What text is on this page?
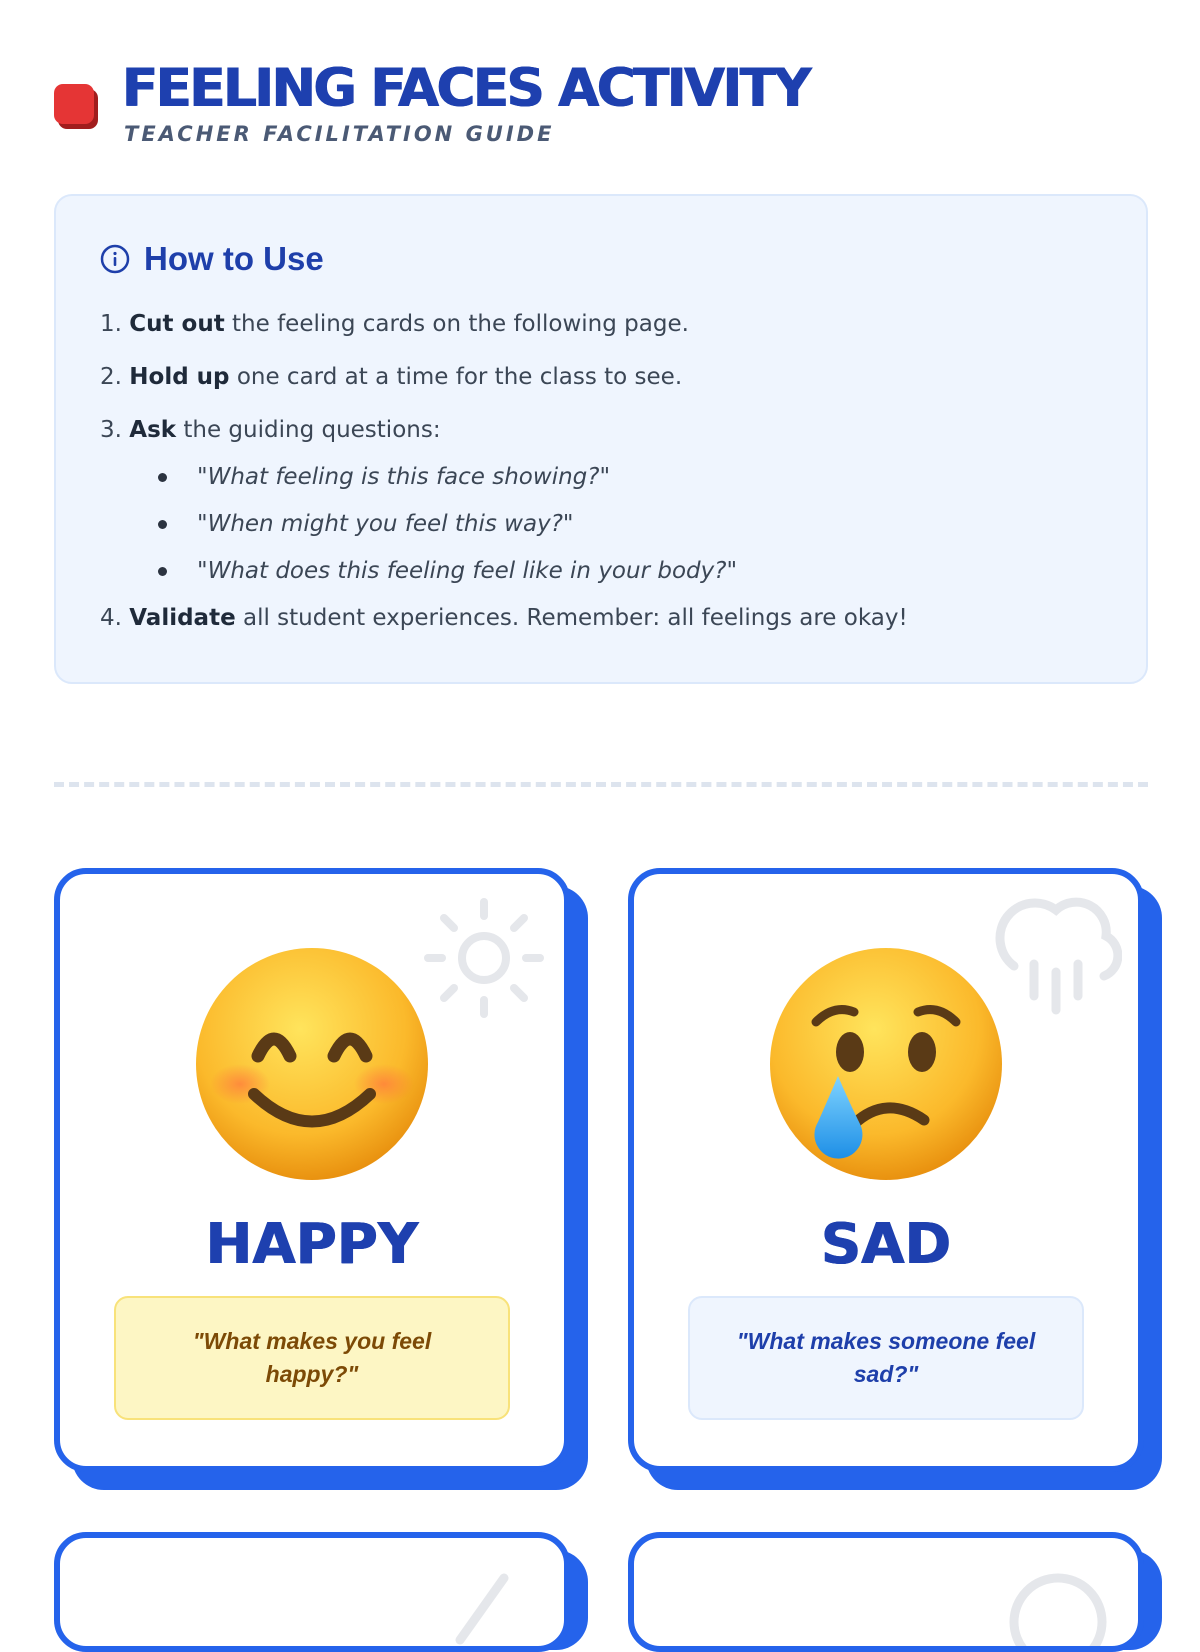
FEELING FACES ACTIVITY
TEACHER FACILITATION GUIDE
How to Use
1. Cut out the feeling cards on the following page.
2. Hold up one card at a time for the class to see.
3. Ask the guiding questions:
"What feeling is this face showing?"
"When might you feel this way?"
"What does this feeling feel like in your body?"
4. Validate all student experiences. Remember: all feelings are okay!
HAPPY
"What makes you feel happy?"
SAD
"What makes someone feel sad?"
